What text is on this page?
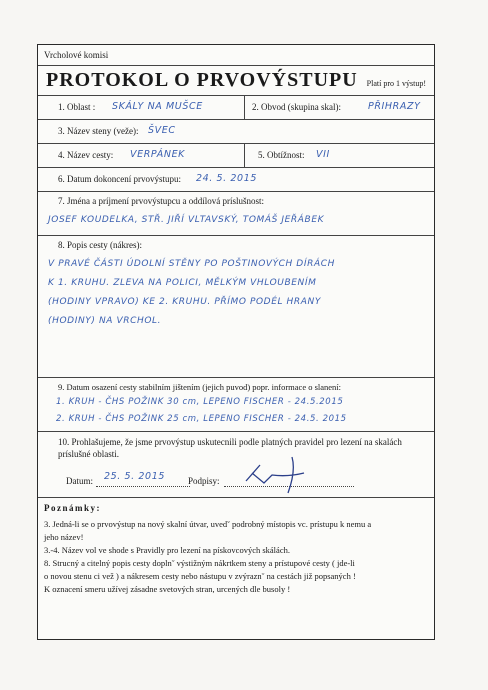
Vrcholové komisi
PROTOKOL O PRVOVÝSTUPU Platí pro 1 výstup!
1. Oblast : SKÁLY NA MUŠCE	2. Obvod (skupina skal):	PŘIHRAZY
3. Název steny (veže): ŠVEC
4. Název cesty: VERPÁNEK	5. Obtížnost: VII
6. Datum dokoncení prvovýstupu: 24. 5. 2015
7. Jména a príjmení prvovýstupcu a oddílová príslušnost:
JOSEF KOUDELKA, STŘ. JIŘÍ VLTAVSKÝ, TOMÁŠ JEŘÁBEK
8. Popis cesty (nákres):
V PRAVÉ ČÁSTI ÚDOLNÍ STĚNY PO POŠTINOVÝCH DÍRÁCH
K 1. KRUHU. ZLEVA NA POLICI, MĚLKÝM VHLOUBENÍM
(HODINY VPRAVO) KE 2. KRUHU. PŘÍMO PODÉL HRANY
(HODINY) NA VRCHOL.
9. Datum osazení cesty stabilním jištením (jejich puvod) popr. informace o slanení:
1. KRUH - ČHS POŽINK 30 cm, LEPENO FISCHER - 24.5.2015
2. KRUH - ČHS POŽINK 25 cm, LEPENO FISCHER - 24.5. 2015
10. Prohlašujeme, že jsme prvovýstup uskutecnili podle platných pravidel pro lezení na skalách príslušné oblasti.
Datum: 25. 5. 2015	Podpisy:
Poznámky:
3. Jedná-li se o prvovýstup na nový skalní útvar, uvedˇ podrobný místopis vc. prístupu k nemu a
jeho název!
3.-4. Název vol ve shode s Pravidly pro lezení na pískovcových skálách.
8. Strucný a citelný popis cesty doplnˇ výstižným nákrtkem steny a prístupové cesty ( jde-li
o novou stenu ci vež ) a nákresem cesty nebo nástupu v zvýraznˇ na cestách již popsaných !
K oznacení smeru užívej zásadne svetových stran, urcených dle busoly !
